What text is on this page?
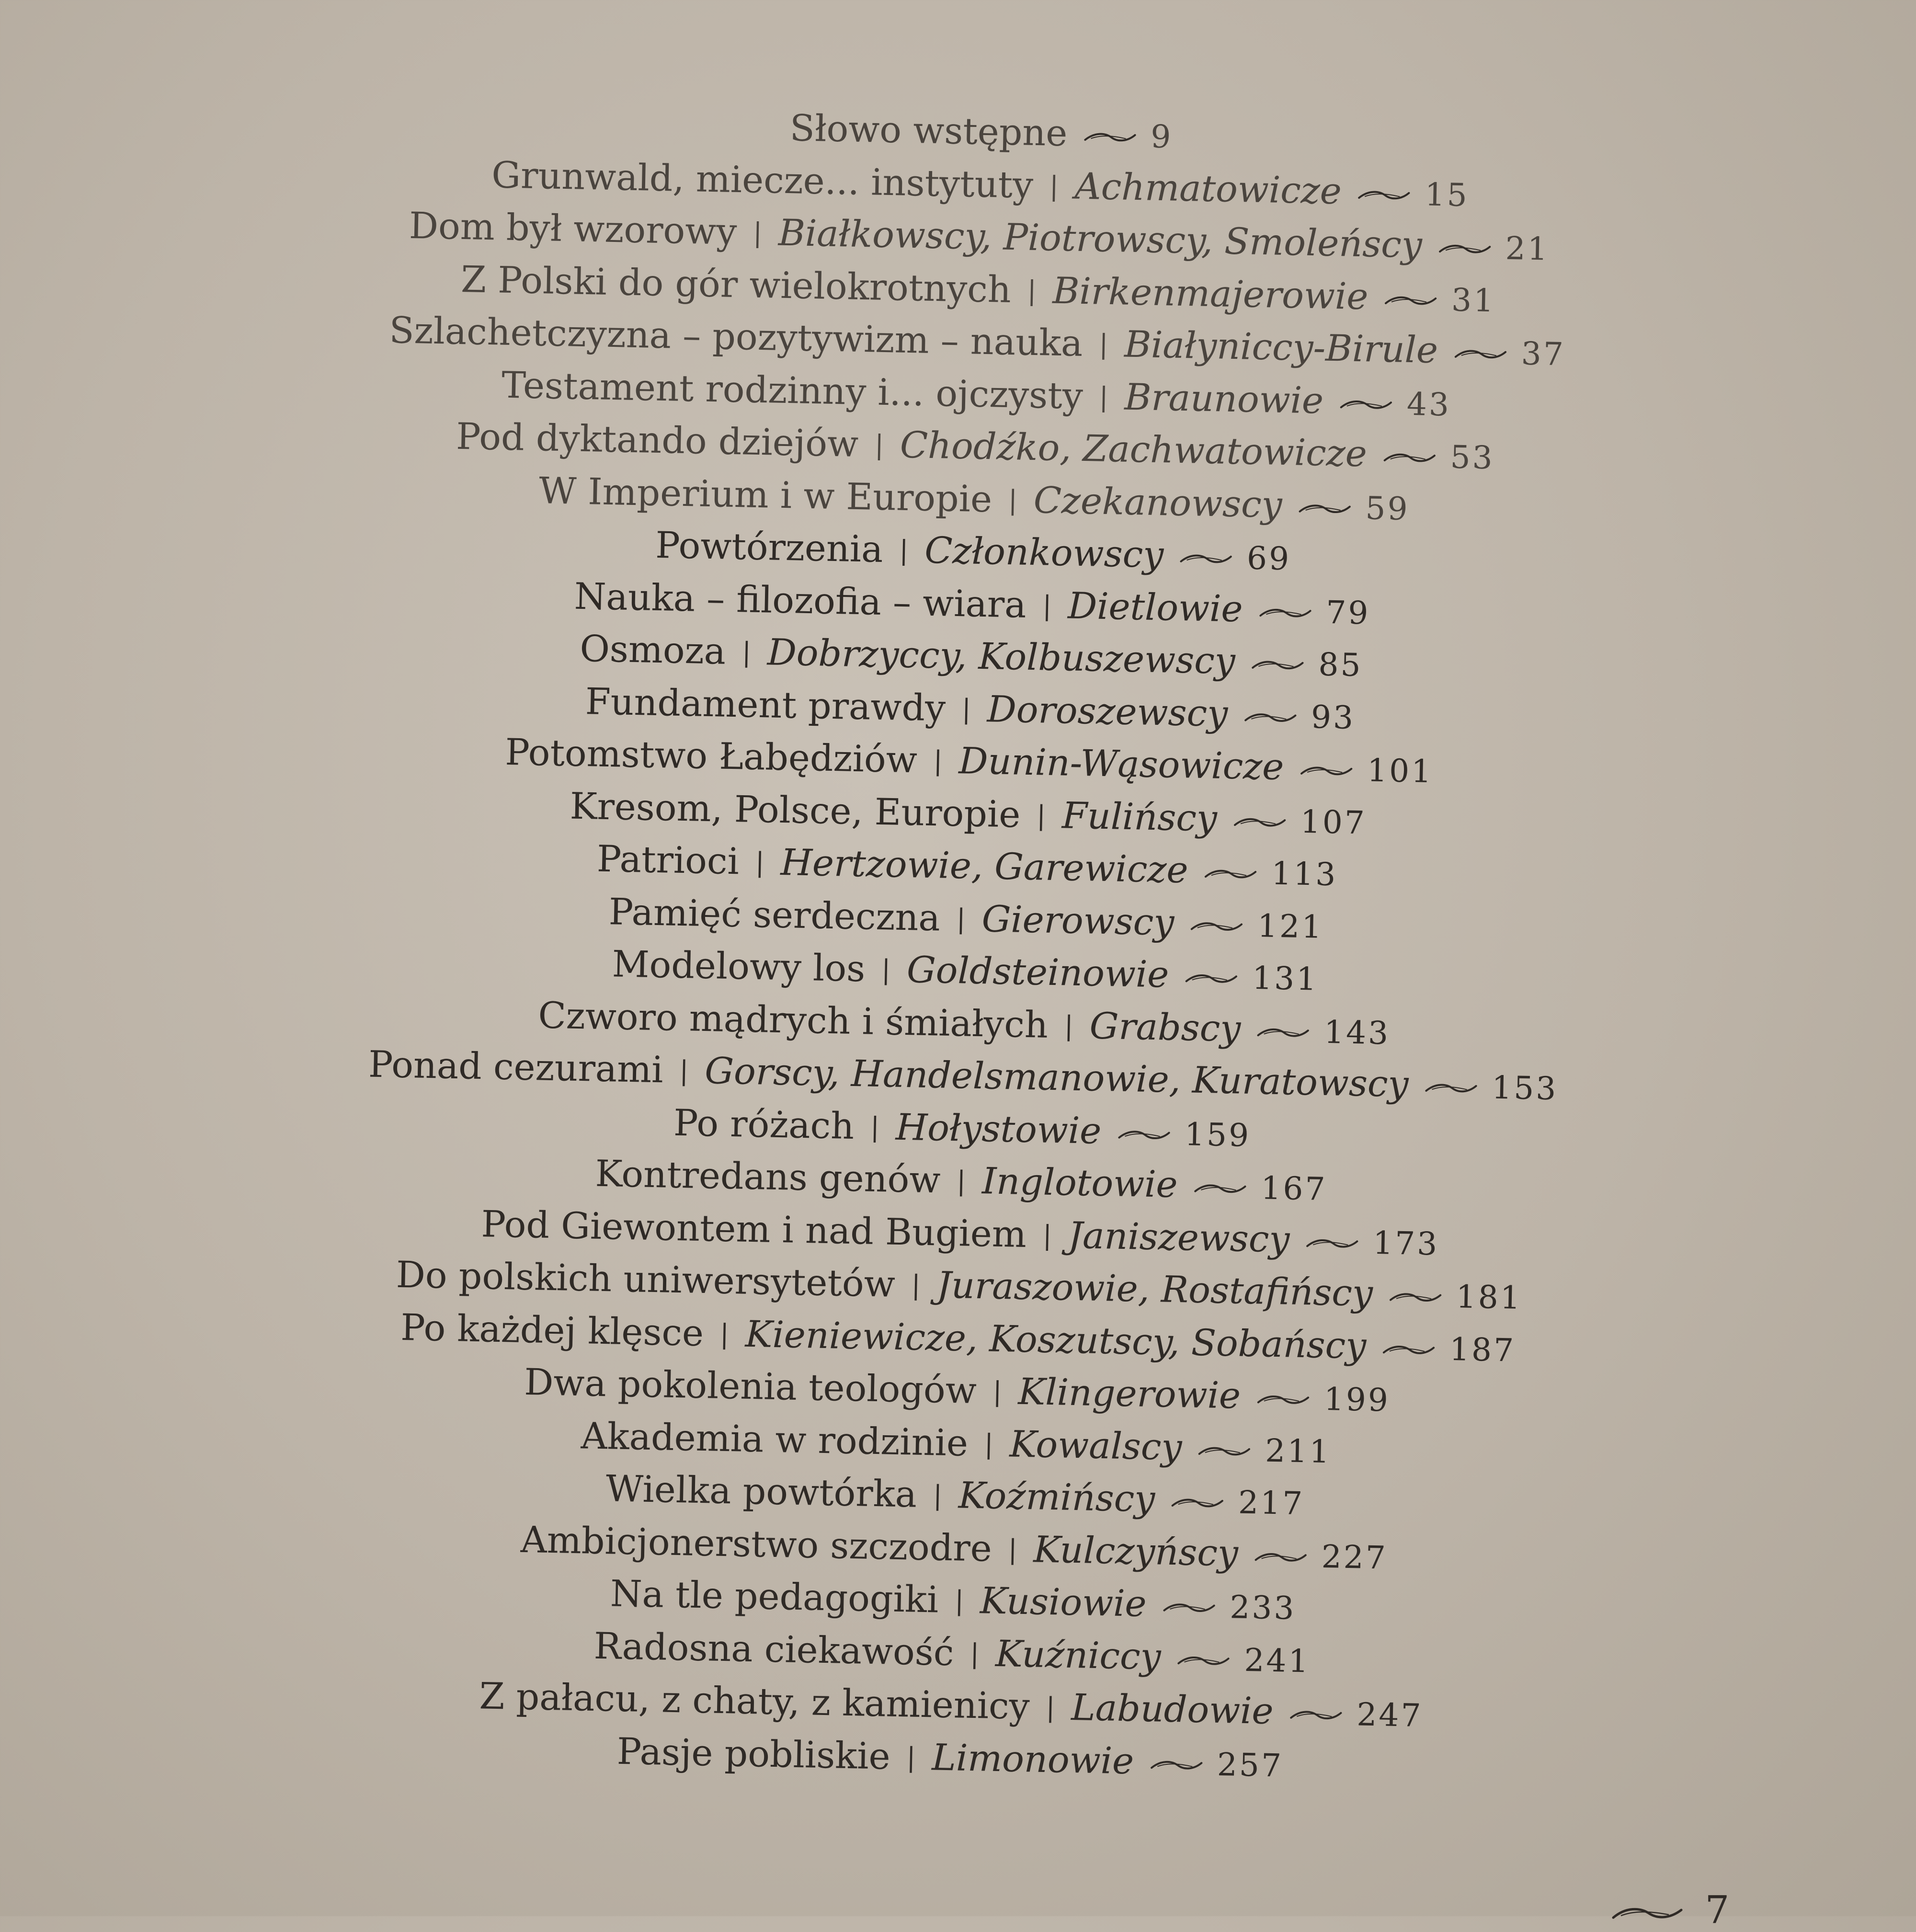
Słowo wstępne	9
Grunwald, miecze... instytuty | Achmatowicze	15
Dom był wzorowy | Białkowscy, Piotrowscy, Smoleńscy	21
Z Polski do gór wielokrotnych | Birkenmajerowie	31
Szlachetczyzna – pozytywizm – nauka | Białyniccy-Birule	37
Testament rodzinny i... ojczysty | Braunowie	43
Pod dyktando dziejów | Chodźko, Zachwatowicze	53
W Imperium i w Europie | Czekanowscy	59
Powtórzenia | Członkowscy	69
Nauka – filozofia – wiara | Dietlowie	79
Osmoza | Dobrzyccy, Kolbuszewscy	85
Fundament prawdy | Doroszewscy	93
Potomstwo Łabędziów | Dunin-Wąsowicze	101
Kresom, Polsce, Europie | Fulińscy	107
Patrioci | Hertzowie, Garewicze	113
Pamięć serdeczna | Gierowscy	121
Modelowy los | Goldsteinowie	131
Czworo mądrych i śmiałych | Grabscy	143
Ponad cezurami | Gorscy, Handelsmanowie, Kuratowscy	153
Po różach | Hołystowie	159
Kontredans genów | Inglotowie	167
Pod Giewontem i nad Bugiem | Janiszewscy	173
Do polskich uniwersytetów | Juraszowie, Rostafińscy	181
Po każdej klęsce | Kieniewicze, Koszutscy, Sobańscy	187
Dwa pokolenia teologów | Klingerowie	199
Akademia w rodzinie | Kowalscy	211
Wielka powtórka | Koźmińscy	217
Ambicjonerstwo szczodre | Kulczyńscy	227
Na tle pedagogiki | Kusiowie	233
Radosna ciekawość | Kuźniccy	241
Z pałacu, z chaty, z kamienicy | Labudowie	247
Pasje pobliskie | Limonowie	257
7
